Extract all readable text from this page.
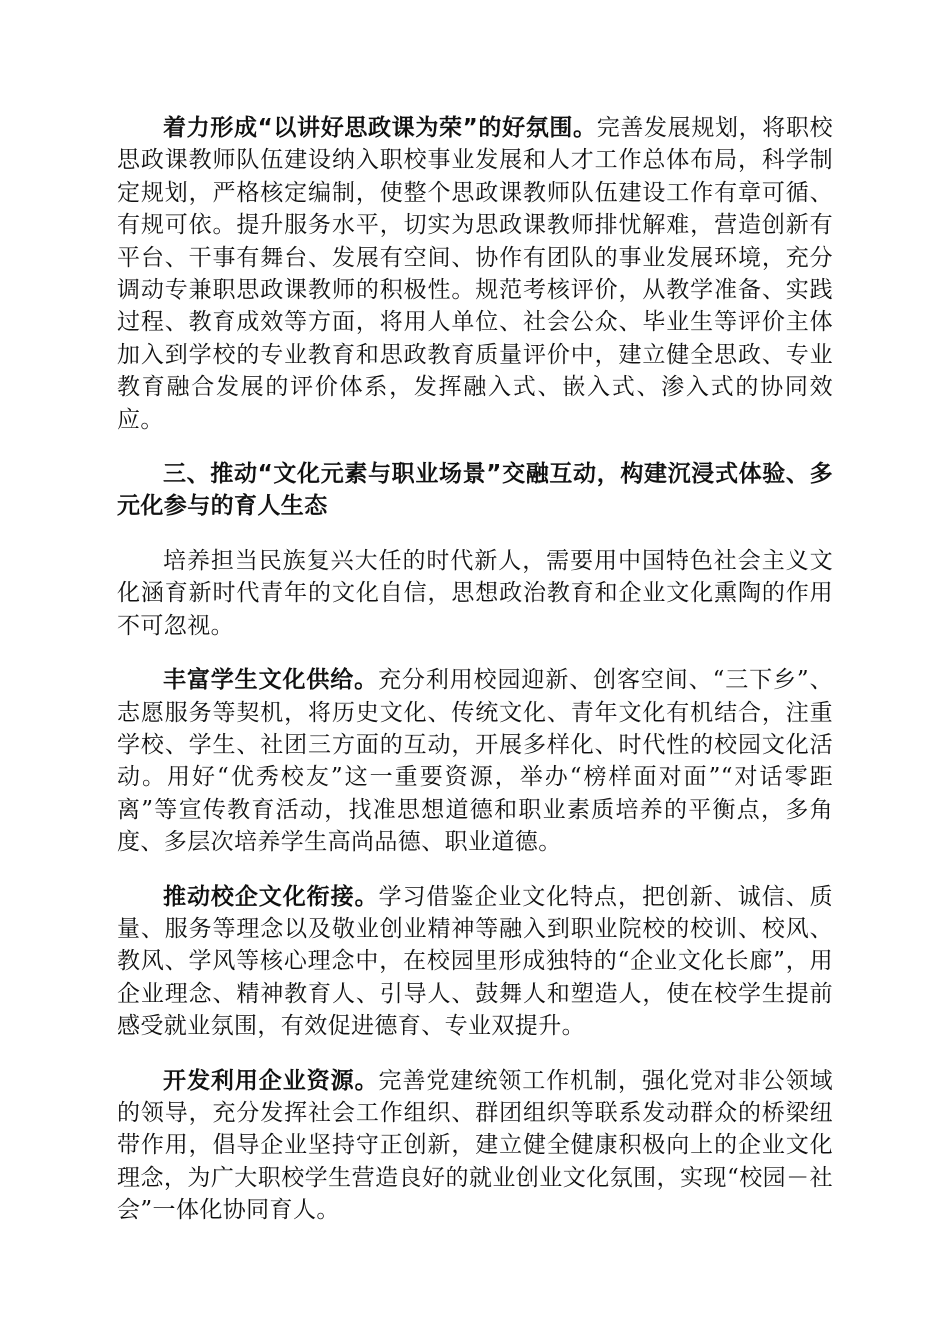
着力形成“以讲好思政课为荣”的好氛围。完善发展规划，将职校思政课教师队伍建设纳入职校事业发展和人才工作总体布局，科学制定规划，严格核定编制，使整个思政课教师队伍建设工作有章可循、有规可依。提升服务水平，切实为思政课教师排忧解难，营造创新有平台、干事有舞台、发展有空间、协作有团队的事业发展环境，充分调动专兼职思政课教师的积极性。规范考核评价，从教学准备、实践过程、教育成效等方面，将用人单位、社会公众、毕业生等评价主体加入到学校的专业教育和思政教育质量评价中，建立健全思政、专业教育融合发展的评价体系，发挥融入式、嵌入式、渗入式的协同效应。

三、推动“文化元素与职业场景”交融互动，构建沉浸式体验、多元化参与的育人生态

培养担当民族复兴大任的时代新人，需要用中国特色社会主义文化涵育新时代青年的文化自信，思想政治教育和企业文化熏陶的作用不可忽视。

丰富学生文化供给。充分利用校园迎新、创客空间、“三下乡”、志愿服务等契机，将历史文化、传统文化、青年文化有机结合，注重学校、学生、社团三方面的互动，开展多样化、时代性的校园文化活动。用好“优秀校友”这一重要资源，举办“榜样面对面”“对话零距离”等宣传教育活动，找准思想道德和职业素质培养的平衡点，多角度、多层次培养学生高尚品德、职业道德。

推动校企文化衔接。学习借鉴企业文化特点，把创新、诚信、质量、服务等理念以及敬业创业精神等融入到职业院校的校训、校风、教风、学风等核心理念中，在校园里形成独特的“企业文化长廊”，用企业理念、精神教育人、引导人、鼓舞人和塑造人，使在校学生提前感受就业氛围，有效促进德育、专业双提升。

开发利用企业资源。完善党建统领工作机制，强化党对非公领域的领导，充分发挥社会工作组织、群团组织等联系发动群众的桥梁纽带作用，倡导企业坚持守正创新，建立健全健康积极向上的企业文化理念，为广大职校学生营造良好的就业创业文化氛围，实现“校园－社会”一体化协同育人。
